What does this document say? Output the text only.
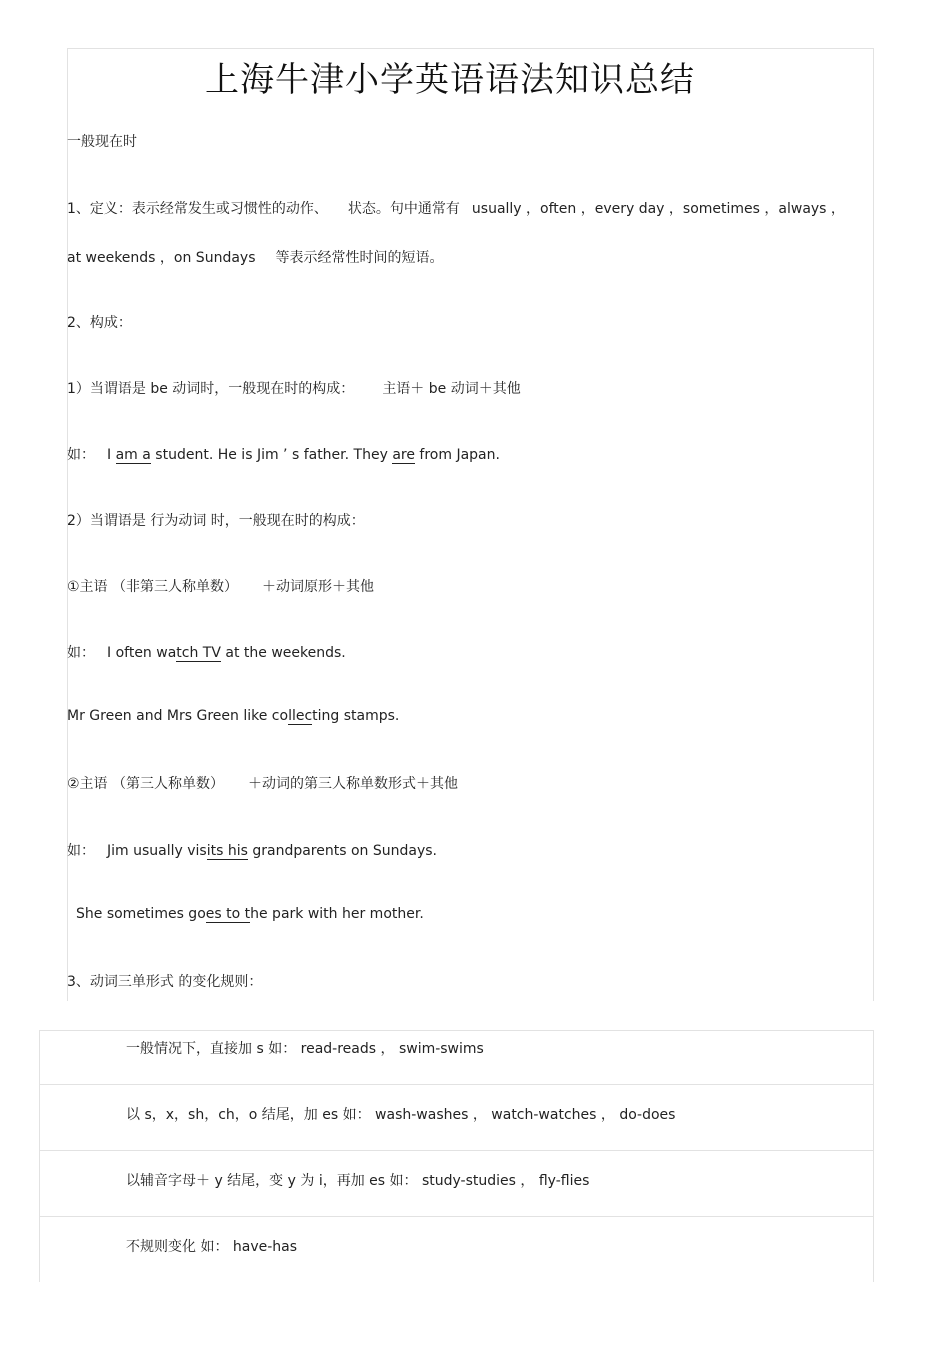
上海牛津小学英语语法知识总结
一般现在时
1、定义：表示经常发生或习惯性的动作、 状态。句中通常有 usually ，often ，every day ，sometimes ，always ，
at weekends ，on Sundays 等表示经常性时间的短语。
2、构成：
1）当谓语是 be 动词时，一般现在时的构成： 主语＋ be 动词＋其他
如： I am a student. He is Jim ’ s father. They are from Japan.
2）当谓语是 行为动词 时，一般现在时的构成：
①主语 （非第三人称单数） ＋动词原形＋其他
如： I often watch TV at the weekends.
Mr Green and Mrs Green like collecting stamps.
②主语 （第三人称单数） ＋动词的第三人称单数形式＋其他
如： Jim usually visits his grandparents on Sundays.
She sometimes goes to the park with her mother.
3、动词三单形式 的变化规则：
一般情况下，直接加 s 如： read-reads ， swim-swims
以 s，x，sh，ch，o 结尾，加 es 如： wash-washes ， watch-watches ， do-does
以辅音字母＋ y 结尾，变 y 为 i，再加 es 如： study-studies ， fly-flies
不规则变化 如： have-has
